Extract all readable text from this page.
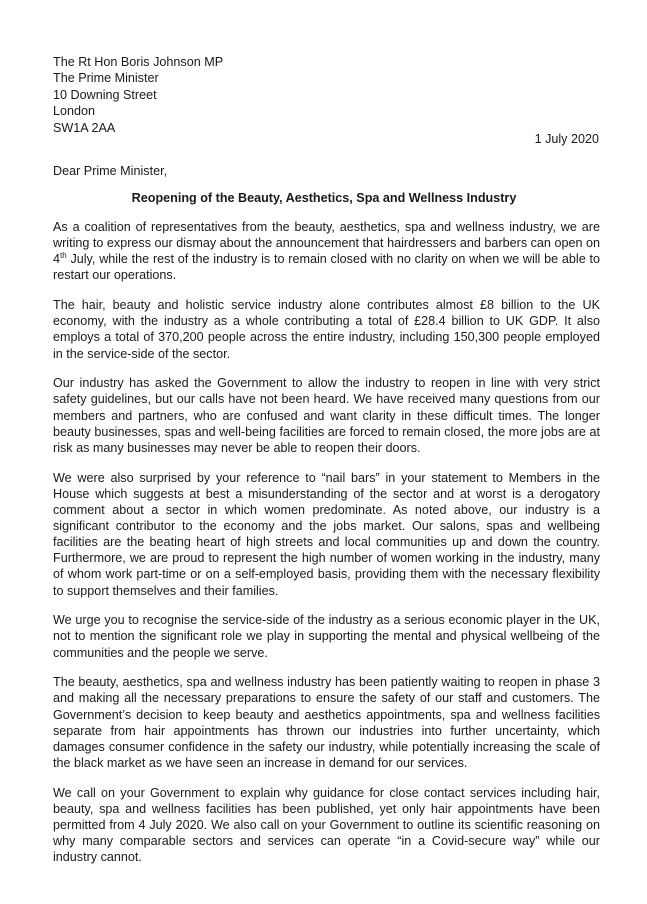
The Rt Hon Boris Johnson MP
The Prime Minister
10 Downing Street
London
SW1A 2AA
1 July 2020
Dear Prime Minister,
Reopening of the Beauty, Aesthetics, Spa and Wellness Industry

As a coalition of representatives from the beauty, aesthetics, spa and wellness industry, we are writing to express our dismay about the announcement that hairdressers and barbers can open on 4th July, while the rest of the industry is to remain closed with no clarity on when we will be able to restart our operations.

The hair, beauty and holistic service industry alone contributes almost £8 billion to the UK economy, with the industry as a whole contributing a total of £28.4 billion to UK GDP. It also employs a total of 370,200 people across the entire industry, including 150,300 people employed in the service-side of the sector.

Our industry has asked the Government to allow the industry to reopen in line with very strict safety guidelines, but our calls have not been heard. We have received many questions from our members and partners, who are confused and want clarity in these difficult times. The longer beauty businesses, spas and well-being facilities are forced to remain closed, the more jobs are at risk as many businesses may never be able to reopen their doors.

We were also surprised by your reference to “nail bars” in your statement to Members in the House which suggests at best a misunderstanding of the sector and at worst is a derogatory comment about a sector in which women predominate. As noted above, our industry is a significant contributor to the economy and the jobs market. Our salons, spas and wellbeing facilities are the beating heart of high streets and local communities up and down the country. Furthermore, we are proud to represent the high number of women working in the industry, many of whom work part-time or on a self-employed basis, providing them with the necessary flexibility to support themselves and their families.

We urge you to recognise the service-side of the industry as a serious economic player in the UK, not to mention the significant role we play in supporting the mental and physical wellbeing of the communities and the people we serve.

The beauty, aesthetics, spa and wellness industry has been patiently waiting to reopen in phase 3 and making all the necessary preparations to ensure the safety of our staff and customers. The Government’s decision to keep beauty and aesthetics appointments, spa and wellness facilities separate from hair appointments has thrown our industries into further uncertainty, which damages consumer confidence in the safety our industry, while potentially increasing the scale of the black market as we have seen an increase in demand for our services.

We call on your Government to explain why guidance for close contact services including hair, beauty, spa and wellness facilities has been published, yet only hair appointments have been permitted from 4 July 2020. We also call on your Government to outline its scientific reasoning on why many comparable sectors and services can operate “in a Covid-secure way” while our industry cannot.
